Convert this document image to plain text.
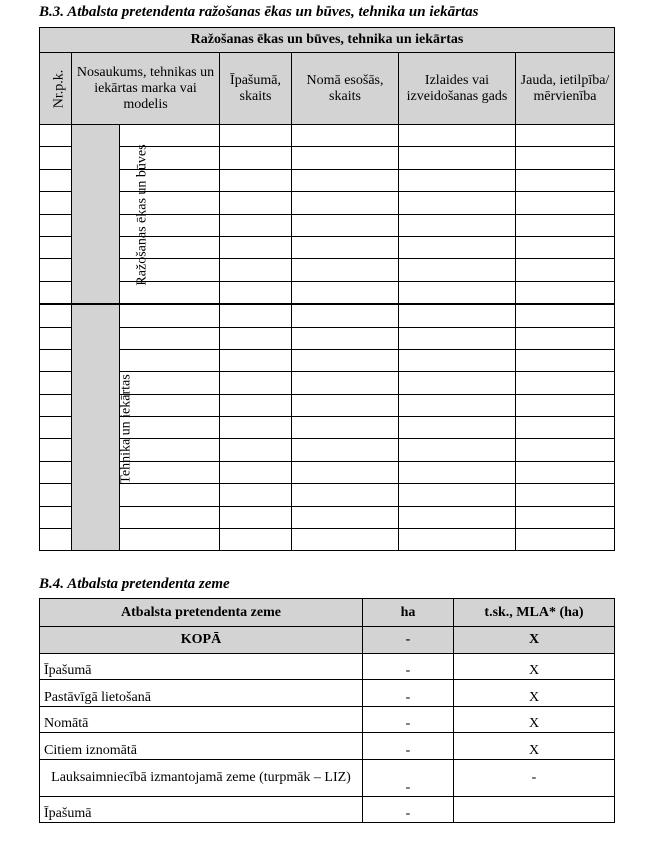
B.3. Atbalsta pretendenta ražošanas ēkas un būves, tehnika un iekārtas
Ražošanas ēkas un būves, tehnika un iekārtas						
Nr.p.k.	Nosaukums, tehnikas un iekārtas marka vai modelis		Īpašumā, skaits	Nomā esošās, skaits	Izlaides vai izveidošanas gads	Jauda, ietilpība/ mērvienība

	Ražošanas ēkas un būves					

	Tehnika un iekārtas					

B.4. Atbalsta pretendenta zeme
Atbalsta pretendenta zeme	ha	t.sk., MLA* (ha)
KOPĀ	-	X
Īpašumā	-	X
Pastāvīgā lietošanā	-	X
Nomātā	-	X
Citiem iznomātā	-	X
Lauksaimniecībā izmantojamā zeme (turpmāk – LIZ)	-	-
Īpašumā	-	
